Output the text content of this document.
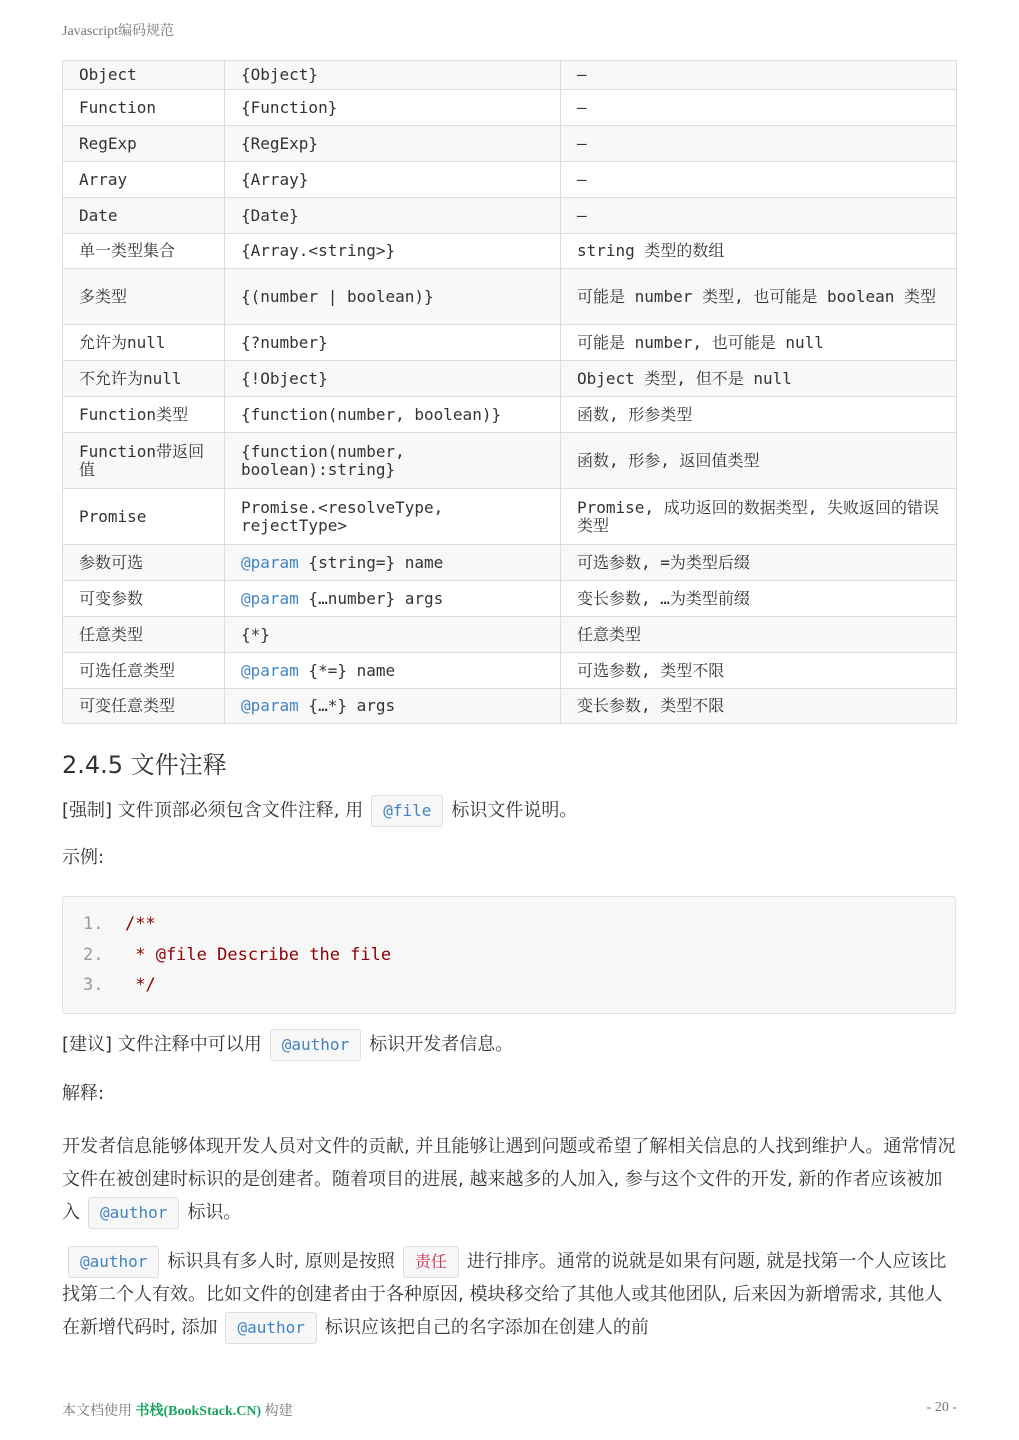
Javascript编码规范
Object	{Object}	—
Function	{Function}	—
RegExp	{RegExp}	—
Array	{Array}	—
Date	{Date}	—
单一类型集合	{Array.<string>}	string 类型的数组
多类型	{(number | boolean)}	可能是 number 类型, 也可能是 boolean 类型
允许为null	{?number}	可能是 number, 也可能是 null
不允许为null	{!Object}	Object 类型, 但不是 null
Function类型	{function(number, boolean)}	函数, 形参类型
Function带返回值	{function(number, boolean):string}	函数, 形参, 返回值类型
Promise	Promise.<resolveType, rejectType>	Promise, 成功返回的数据类型, 失败返回的错误类型
参数可选	@param {string=} name	可选参数, =为类型后缀
可变参数	@param {…number} args	变长参数, …为类型前缀
任意类型	{*}	任意类型
可选任意类型	@param {*=} name	可选参数, 类型不限
可变任意类型	@param {…*} args	变长参数, 类型不限
2.4.5 文件注释

[强制] 文件顶部必须包含文件注释, 用 @file 标识文件说明。

示例:

1. /**
2. * @file Describe the file
3. */

[建议] 文件注释中可以用 @author 标识开发者信息。

解释:

开发者信息能够体现开发人员对文件的贡献, 并且能够让遇到问题或希望了解相关信息的人找到维护人。通常情况文件在被创建时标识的是创建者。随着项目的进展, 越来越多的人加入, 参与这个文件的开发, 新的作者应该被加入 @author 标识。

@author 标识具有多人时, 原则是按照 责任 进行排序。通常的说就是如果有问题, 就是找第一个人应该比找第二个人有效。比如文件的创建者由于各种原因, 模块移交给了其他人或其他团队, 后来因为新增需求, 其他人在新增代码时, 添加 @author 标识应该把自己的名字添加在创建人的前

本文档使用 书栈(BookStack.CN) 构建	- 20 -
